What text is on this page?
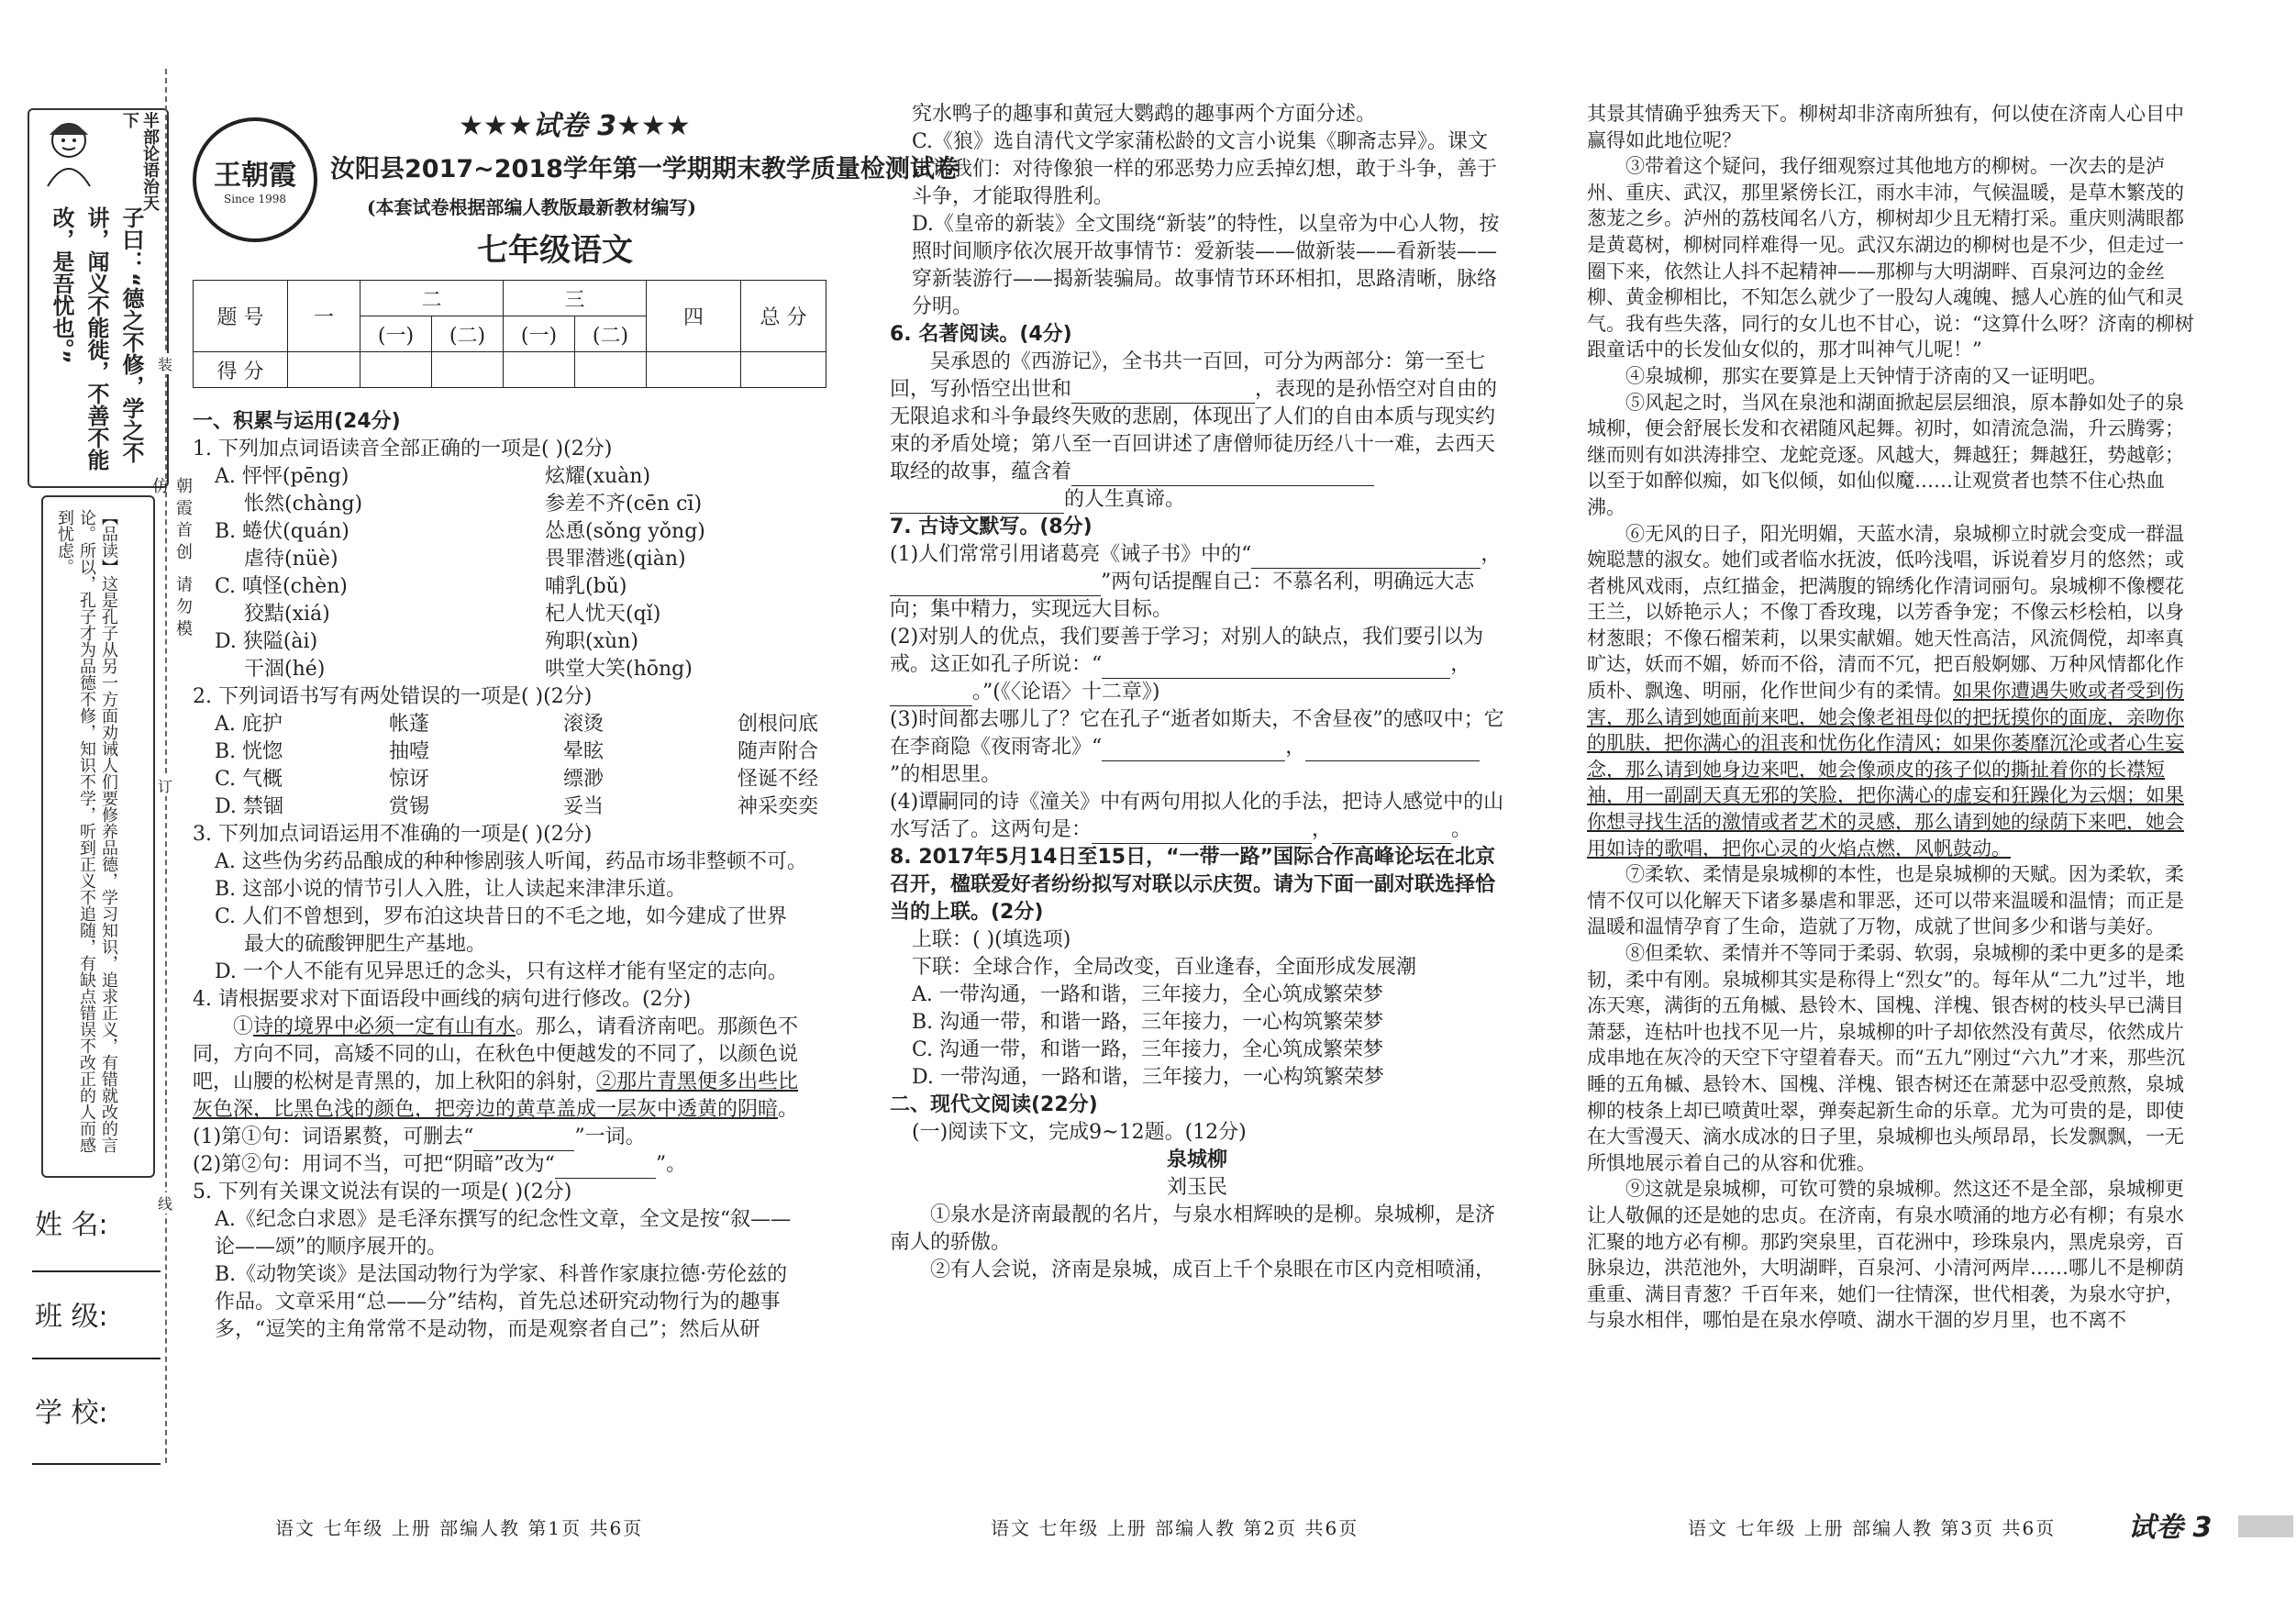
半部论语治天下
子曰：“德之不修，学之不讲，闻义不能徙，不善不能改，是吾忧也。”
【品读】这是孔子从另一方面劝诫人们要修养品德，学习知识，追求正义，有错就改的言论。所以，孔子才为品德不修，知识不学，听到正义不追随，有缺点错误不改正的人而感到忧虑。	朝霞首创 请勿模仿
装
订
线
姓 名:
班 级:
学 校:
王朝霞
Since 1998
★★★试卷 3★★★
汝阳县2017~2018学年第一学期期末教学质量检测试卷
(本套试卷根据部编人教版最新教材编写)
七年级语文
题 号	一	二		三		四	总 分
		(一)	(二)	(一)	(二)		
得 分							

一、积累与运用(24分)

1. 下列加点词语读音全部正确的一项是( )(2分)

A. 怦怦(pēng)	炫耀(xuàn)
怅然(chàng)	参差不齐(cēn cī)
B. 蜷伏(quán)	怂恿(sǒng yǒng)
虐待(nüè)	畏罪潜逃(qiàn)
C. 嗔怪(chèn)	哺乳(bǔ)
狡黠(xiá)	杞人忧天(qǐ)
D. 狭隘(ài)	殉职(xùn)
干涸(hé)	哄堂大笑(hōng)

2. 下列词语书写有两处错误的一项是( )(2分)

A. 庇护	帐蓬	滚烫	创根问底
B. 恍惚	抽噎	晕眩	随声附合
C. 气概	惊讶	缥渺	怪诞不经
D. 禁锢	赏锡	妥当	神采奕奕

3. 下列加点词语运用不准确的一项是( )(2分)

A. 这些伪劣药品酿成的种种惨剧骇人听闻，药品市场非整顿不可。

B. 这部小说的情节引人入胜，让人读起来津津乐道。

C. 人们不曾想到，罗布泊这块昔日的不毛之地，如今建成了世界

最大的硫酸钾肥生产基地。

D. 一个人不能有见异思迁的念头，只有这样才能有坚定的志向。

4. 请根据要求对下面语段中画线的病句进行修改。(2分)

①诗的境界中必须一定有山有水。那么，请看济南吧。那颜色不同，方向不同，高矮不同的山，在秋色中便越发的不同了，以颜色说吧，山腰的松树是青黑的，加上秋阳的斜射，②那片青黑便多出些比灰色深，比黑色浅的颜色，把旁边的黄草盖成一层灰中透黄的阴暗。

(1)第①句：词语累赘，可删去“	”一词。

(2)第②句：用词不当，可把“阴暗”改为“	”。

5. 下列有关课文说法有误的一项是( )(2分)

A.《纪念白求恩》是毛泽东撰写的纪念性文章，全文是按“叙——论——颂”的顺序展开的。

B.《动物笑谈》是法国动物行为学家、科普作家康拉德·劳伦兹的作品。文章采用“总——分”结构，首先总述研究动物行为的趣事多，“逗笑的主角常常不是动物，而是观察者自己”；然后从研

究水鸭子的趣事和黄冠大鹦鹉的趣事两个方面分述。

C.《狼》选自清代文学家蒲松龄的文言小说集《聊斋志异》。课文告诉我们：对待像狼一样的邪恶势力应丢掉幻想，敢于斗争，善于斗争，才能取得胜利。

D.《皇帝的新装》全文围绕“新装”的特性，以皇帝为中心人物，按照时间顺序依次展开故事情节：爱新装——做新装——看新装——穿新装游行——揭新装骗局。故事情节环环相扣，思路清晰，脉络分明。

6. 名著阅读。(4分)

吴承恩的《西游记》，全书共一百回，可分为两部分：第一至七回，写孙悟空出世和	，表现的是孙悟空对自由的无限追求和斗争最终失败的悲剧，体现出了人们的自由本质与现实约束的矛盾处境；第八至一百回讲述了唐僧师徒历经八十一难，去西天取经的故事，蕴含着的人生真谛。

7. 古诗文默写。(8分)

(1)人们常常引用诸葛亮《诫子书》中的“	，”两句话提醒自己：不慕名利，明确远大志向；集中精力，实现远大目标。

(2)对别人的优点，我们要善于学习；对别人的缺点，我们要引以为戒。这正如孔子所说：“	，。”(《〈论语〉十二章》)

(3)时间都去哪儿了？它在孔子“逝者如斯夫，不舍昼夜”的感叹中；它在李商隐《夜雨寄北》“	，”的相思里。

(4)谭嗣同的诗《潼关》中有两句用拟人化的手法，把诗人感觉中的山水写活了。这两句是：	，	。

8. 2017年5月14日至15日，“一带一路”国际合作高峰论坛在北京召开，楹联爱好者纷纷拟写对联以示庆贺。请为下面一副对联选择恰当的上联。(2分)

上联：( )(填选项)

下联：全球合作，全局改变，百业逢春，全面形成发展潮

A. 一带沟通，一路和谐，三年接力，全心筑成繁荣梦

B. 沟通一带，和谐一路，三年接力，一心构筑繁荣梦

C. 沟通一带，和谐一路，三年接力，全心筑成繁荣梦

D. 一带沟通，一路和谐，三年接力，一心构筑繁荣梦

二、现代文阅读(22分)

(一)阅读下文，完成9~12题。(12分)

泉城柳

刘玉民

①泉水是济南最靓的名片，与泉水相辉映的是柳。泉城柳，是济南人的骄傲。

②有人会说，济南是泉城，成百上千个泉眼在市区内竞相喷涌，

其景其情确乎独秀天下。柳树却非济南所独有，何以使在济南人心目中赢得如此地位呢？

③带着这个疑问，我仔细观察过其他地方的柳树。一次去的是泸州、重庆、武汉，那里紧傍长江，雨水丰沛，气候温暖，是草木繁茂的葱茏之乡。泸州的荔枝闻名八方，柳树却少且无精打采。重庆则满眼都是黄葛树，柳树同样难得一见。武汉东湖边的柳树也是不少，但走过一圈下来，依然让人抖不起精神——那柳与大明湖畔、百泉河边的金丝柳、黄金柳相比，不知怎么就少了一股勾人魂魄、撼人心旌的仙气和灵气。我有些失落，同行的女儿也不甘心，说：“这算什么呀？济南的柳树跟童话中的长发仙女似的，那才叫神气儿呢！”

④泉城柳，那实在要算是上天钟情于济南的又一证明吧。

⑤风起之时，当风在泉池和湖面掀起层层细浪，原本静如处子的泉城柳，便会舒展长发和衣裙随风起舞。初时，如清流急湍，升云腾雾；继而则有如洪涛排空、龙蛇竞逐。风越大，舞越狂；舞越狂，势越彰；以至于如醉似痴，如飞似倾，如仙似魔……让观赏者也禁不住心热血沸。

⑥无风的日子，阳光明媚，天蓝水清，泉城柳立时就会变成一群温婉聪慧的淑女。她们或者临水抚波，低吟浅唱，诉说着岁月的悠然；或者桃风戏雨，点红描金，把满腹的锦绣化作清词丽句。泉城柳不像樱花王兰，以娇艳示人；不像丁香玫瑰，以芳香争宠；不像云杉桧柏，以身材葱眼；不像石榴茉莉，以果实献媚。她天性高洁，风流倜傥，却率真旷达，妖而不媚，娇而不俗，清而不冗，把百般婀娜、万种风情都化作质朴、飘逸、明丽，化作世间少有的柔情。如果你遭遇失败或者受到伤害，那么请到她面前来吧，她会像老祖母似的把抚摸你的面庞，亲吻你的肌肤，把你满心的沮丧和忧伤化作清风；如果你萎靡沉沦或者心生妄念，那么请到她身边来吧，她会像顽皮的孩子似的撕扯着你的长襟短袖，用一副副天真无邪的笑脸，把你满心的虚妄和狂躁化为云烟；如果你想寻找生活的激情或者艺术的灵感，那么请到她的绿荫下来吧，她会用如诗的歌唱，把你心灵的火焰点燃，风帆鼓动。

⑦柔软、柔情是泉城柳的本性，也是泉城柳的天赋。因为柔软，柔情不仅可以化解天下诸多暴虐和罪恶，还可以带来温暖和温情；而正是温暖和温情孕育了生命，造就了万物，成就了世间多少和谐与美好。

⑧但柔软、柔情并不等同于柔弱、软弱，泉城柳的柔中更多的是柔韧，柔中有刚。泉城柳其实是称得上“烈女”的。每年从“二九”过半，地冻天寒，满街的五角槭、悬铃木、国槐、洋槐、银杏树的枝头早已满目萧瑟，连枯叶也找不见一片，泉城柳的叶子却依然没有黄尽，依然成片成串地在灰冷的天空下守望着春天。而“五九”刚过“六九”才来，那些沉睡的五角槭、悬铃木、国槐、洋槐、银杏树还在萧瑟中忍受煎熬，泉城柳的枝条上却已喷黄吐翠，弹奏起新生命的乐章。尤为可贵的是，即使在大雪漫天、滴水成冰的日子里，泉城柳也头颅昂昂，长发飘飘，一无所惧地展示着自己的从容和优雅。

⑨这就是泉城柳，可钦可赞的泉城柳。然这还不是全部，泉城柳更让人敬佩的还是她的忠贞。在济南，有泉水喷涌的地方必有柳；有泉水汇聚的地方必有柳。那趵突泉里，百花洲中，珍珠泉内，黑虎泉旁，百脉泉边，洪范池外，大明湖畔，百泉河、小清河两岸……哪儿不是柳荫重重、满目青葱？千百年来，她们一往情深，世代相袭，为泉水守护，与泉水相伴，哪怕是在泉水停喷、湖水干涸的岁月里，也不离不

语文 七年级 上册 部编人教 第1页 共6页	语文 七年级 上册 部编人教 第2页 共6页	语文 七年级 上册 部编人教 第3页 共6页	试卷 3
